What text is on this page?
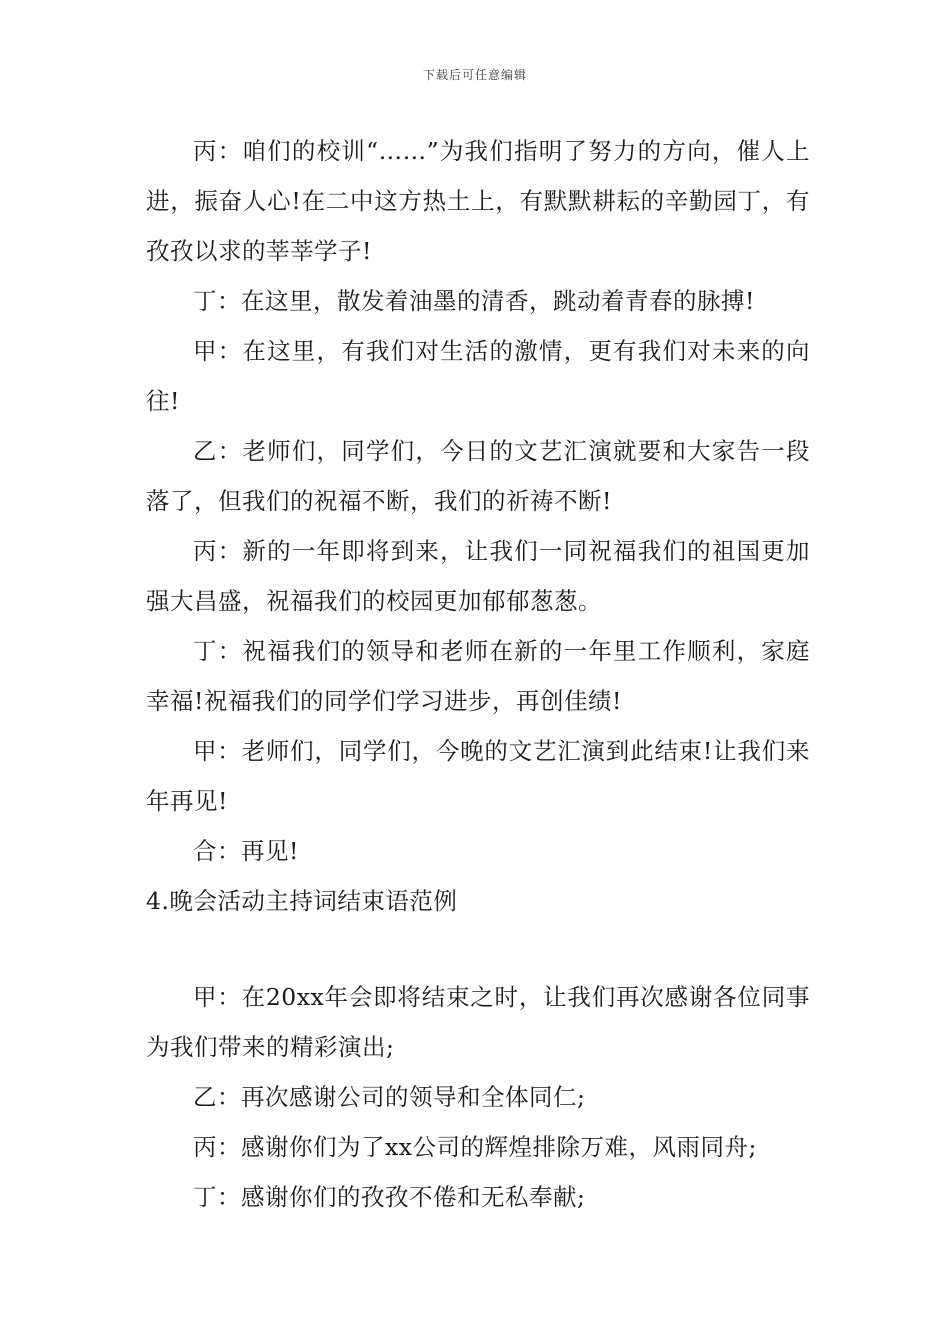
下载后可任意编辑

丙：咱们的校训“……”为我们指明了努力的方向，催人上进，振奋人心!在二中这方热土上，有默默耕耘的辛勤园丁，有孜孜以求的莘莘学子!

丁：在这里，散发着油墨的清香，跳动着青春的脉搏!

甲：在这里，有我们对生活的激情，更有我们对未来的向往!

乙：老师们，同学们，今日的文艺汇演就要和大家告一段落了，但我们的祝福不断，我们的祈祷不断!

丙：新的一年即将到来，让我们一同祝福我们的祖国更加强大昌盛，祝福我们的校园更加郁郁葱葱。

丁：祝福我们的领导和老师在新的一年里工作顺利，家庭幸福!祝福我们的同学们学习进步，再创佳绩!

甲：老师们，同学们，今晚的文艺汇演到此结束!让我们来年再见!

合：再见!

4.晚会活动主持词结束语范例

甲：在20xx年会即将结束之时，让我们再次感谢各位同事为我们带来的精彩演出;

乙：再次感谢公司的领导和全体同仁;

丙：感谢你们为了xx公司的辉煌排除万难，风雨同舟;

丁：感谢你们的孜孜不倦和无私奉献;
